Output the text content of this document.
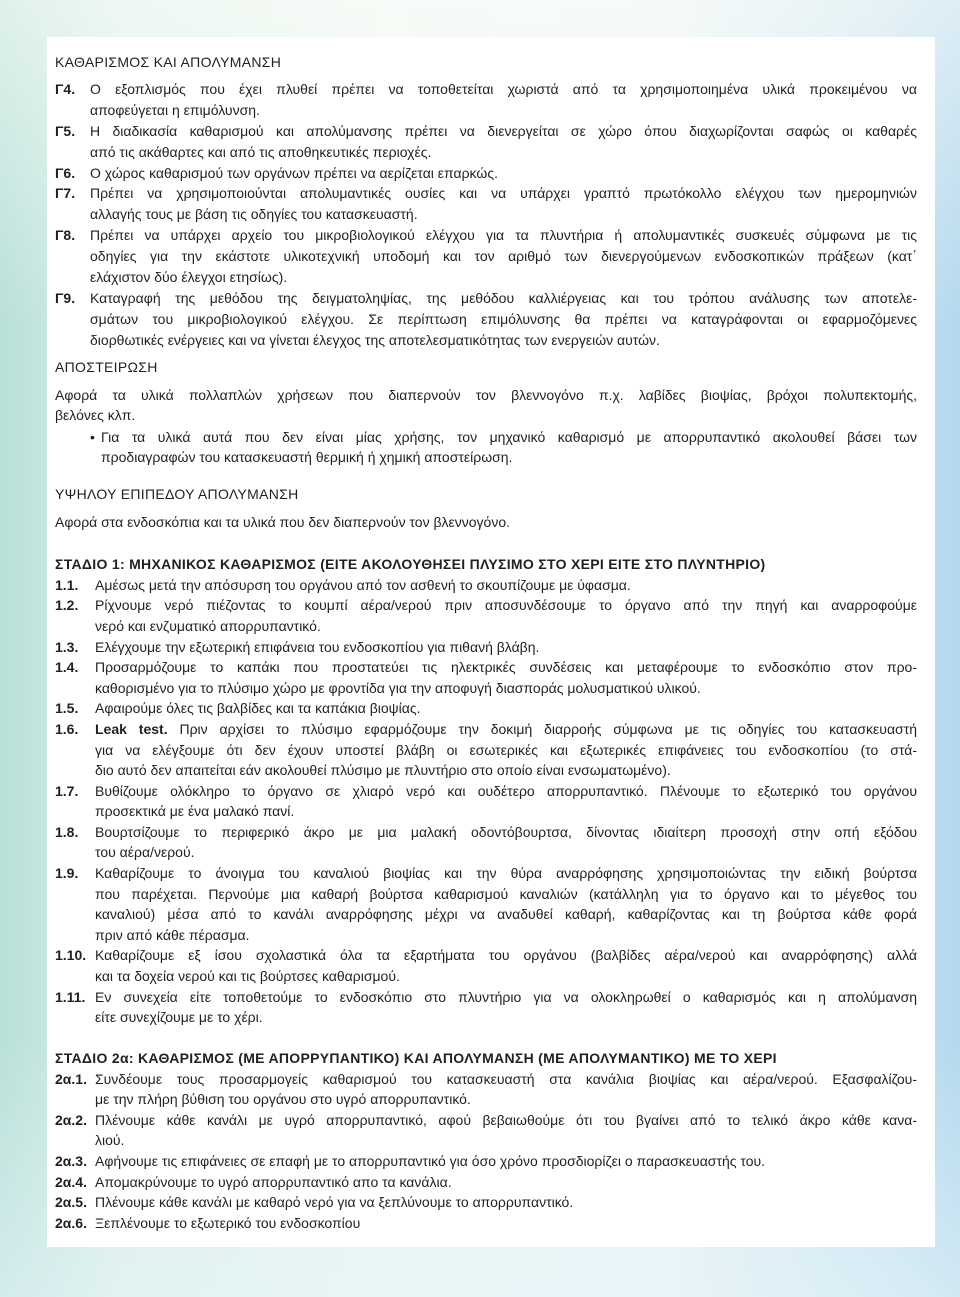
ΚΑΘΑΡΙΣΜΟΣ ΚΑΙ ΑΠΟΛΥΜΑΝΣΗ
Γ4. Ο εξοπλισμός που έχει πλυθεί πρέπει να τοποθετείται χωριστά από τα χρησιμοποιημένα υλικά προκειμένου να
αποφεύγεται η επιμόλυνση.
Γ5. Η διαδικασία καθαρισμού και απολύμανσης πρέπει να διενεργείται σε χώρο όπου διαχωρίζονται σαφώς οι καθαρές
από τις ακάθαρτες και από τις αποθηκευτικές περιοχές.
Γ6. Ο χώρος καθαρισμού των οργάνων πρέπει να αερίζεται επαρκώς.
Γ7. Πρέπει να χρησιμοποιούνται απολυμαντικές ουσίες και να υπάρχει γραπτό πρωτόκολλο ελέγχου των ημερομηνιών
αλλαγής τους με βάση τις οδηγίες του κατασκευαστή.
Γ8. Πρέπει να υπάρχει αρχείο του μικροβιολογικού ελέγχου για τα πλυντήρια ή απολυμαντικές συσκευές σύμφωνα με τις
οδηγίες για την εκάστοτε υλικοτεχνική υποδομή και τον αριθμό των διενεργούμενων ενδοσκοπικών πράξεων (κατ΄
ελάχιστον δύο έλεγχοι ετησίως).
Γ9. Καταγραφή της μεθόδου της δειγματοληψίας, της μεθόδου καλλιέργειας και του τρόπου ανάλυσης των αποτελε-
σμάτων του μικροβιολογικού ελέγχου. Σε περίπτωση επιμόλυνσης θα πρέπει να καταγράφονται οι εφαρμοζόμενες
διορθωτικές ενέργειες και να γίνεται έλεγχος της αποτελεσματικότητας των ενεργειών αυτών.
ΑΠΟΣΤΕΙΡΩΣΗ
Αφορά τα υλικά πολλαπλών χρήσεων που διαπερνούν τον βλεννογόνο π.χ. λαβίδες βιοψίας, βρόχοι πολυπεκτομής,
βελόνες κλπ.
• Για τα υλικά αυτά που δεν είναι μίας χρήσης, τον μηχανικό καθαρισμό με απορρυπαντικό ακολουθεί βάσει των
προδιαγραφών του κατασκευαστή θερμική ή χημική αποστείρωση.
ΥΨΗΛΟΥ ΕΠΙΠΕΔΟΥ ΑΠΟΛΥΜΑΝΣΗ
Αφορά στα ενδοσκόπια και τα υλικά που δεν διαπερνούν τον βλεννογόνο.
ΣΤΑΔΙΟ 1: ΜΗΧΑΝΙΚΟΣ ΚΑΘΑΡΙΣΜΟΣ (ΕΙΤΕ ΑΚΟΛΟΥΘΗΣΕΙ ΠΛΥΣΙΜΟ ΣΤΟ ΧΕΡΙ ΕΙΤΕ ΣΤΟ ΠΛΥΝΤΗΡΙΟ)
1.1. Αμέσως μετά την απόσυρση του οργάνου από τον ασθενή το σκουπίζουμε με ύφασμα.
1.2. Ρίχνουμε νερό πιέζοντας το κουμπί αέρα/νερού πριν αποσυνδέσουμε το όργανο από την πηγή και αναρροφούμε
νερό και ενζυματικό απορρυπαντικό.
1.3. Ελέγχουμε την εξωτερική επιφάνεια του ενδοσκοπίου για πιθανή βλάβη.
1.4. Προσαρμόζουμε το καπάκι που προστατεύει τις ηλεκτρικές συνδέσεις και μεταφέρουμε το ενδοσκόπιο στον προ-
καθορισμένο για το πλύσιμο χώρο με φροντίδα για την αποφυγή διασποράς μολυσματικού υλικού.
1.5. Αφαιρούμε όλες τις βαλβίδες και τα καπάκια βιοψίας.
1.6. Leak test. Πριν αρχίσει το πλύσιμο εφαρμόζουμε την δοκιμή διαρροής σύμφωνα με τις οδηγίες του κατασκευαστή
για να ελέγξουμε ότι δεν έχουν υποστεί βλάβη οι εσωτερικές και εξωτερικές επιφάνειες του ενδοσκοπίου (το στά-
διο αυτό δεν απαιτείται εάν ακολουθεί πλύσιμο με πλυντήριο στο οποίο είναι ενσωματωμένο).
1.7. Βυθίζουμε ολόκληρο το όργανο σε χλιαρό νερό και ουδέτερο απορρυπαντικό. Πλένουμε το εξωτερικό του οργάνου
προσεκτικά με ένα μαλακό πανί.
1.8. Βουρτσίζουμε το περιφερικό άκρο με μια μαλακή οδοντόβουρτσα, δίνοντας ιδιαίτερη προσοχή στην οπή εξόδου
του αέρα/νερού.
1.9. Καθαρίζουμε το άνοιγμα του καναλιού βιοψίας και την θύρα αναρρόφησης χρησιμοποιώντας την ειδική βούρτσα
που παρέχεται. Περνούμε μια καθαρή βούρτσα καθαρισμού καναλιών (κατάλληλη για το όργανο και το μέγεθος του
καναλιού) μέσα από το κανάλι αναρρόφησης μέχρι να αναδυθεί καθαρή, καθαρίζοντας και τη βούρτσα κάθε φορά
πριν από κάθε πέρασμα.
1.10. Καθαρίζουμε εξ ίσου σχολαστικά όλα τα εξαρτήματα του οργάνου (βαλβίδες αέρα/νερού και αναρρόφησης) αλλά
και τα δοχεία νερού και τις βούρτσες καθαρισμού.
1.11. Εν συνεχεία είτε τοποθετούμε το ενδοσκόπιο στο πλυντήριο για να ολοκληρωθεί ο καθαρισμός και η απολύμανση
είτε συνεχίζουμε με το χέρι.
ΣΤΑΔΙΟ 2α: ΚΑΘΑΡΙΣΜΟΣ (ΜΕ ΑΠΟΡΡΥΠΑΝΤΙΚΟ) ΚΑΙ ΑΠΟΛΥΜΑΝΣΗ (ΜΕ ΑΠΟΛΥΜΑΝΤΙΚΟ) ΜΕ ΤΟ ΧΕΡΙ
2α.1. Συνδέουμε τους προσαρμογείς καθαρισμού του κατασκευαστή στα κανάλια βιοψίας και αέρα/νερού. Εξασφαλίζου-
με την πλήρη βύθιση του οργάνου στο υγρό απορρυπαντικό.
2α.2. Πλένουμε κάθε κανάλι με υγρό απορρυπαντικό, αφού βεβαιωθούμε ότι του βγαίνει από το τελικό άκρο κάθε κανα-
λιού.
2α.3. Αφήνουμε τις επιφάνειες σε επαφή με το απορρυπαντικό για όσο χρόνο προσδιορίζει ο παρασκευαστής του.
2α.4. Απομακρύνουμε το υγρό απορρυπαντικό απο τα κανάλια.
2α.5. Πλένουμε κάθε κανάλι με καθαρό νερό για να ξεπλύνουμε το απορρυπαντικό.
2α.6. Ξεπλένουμε το εξωτερικό του ενδοσκοπίου
